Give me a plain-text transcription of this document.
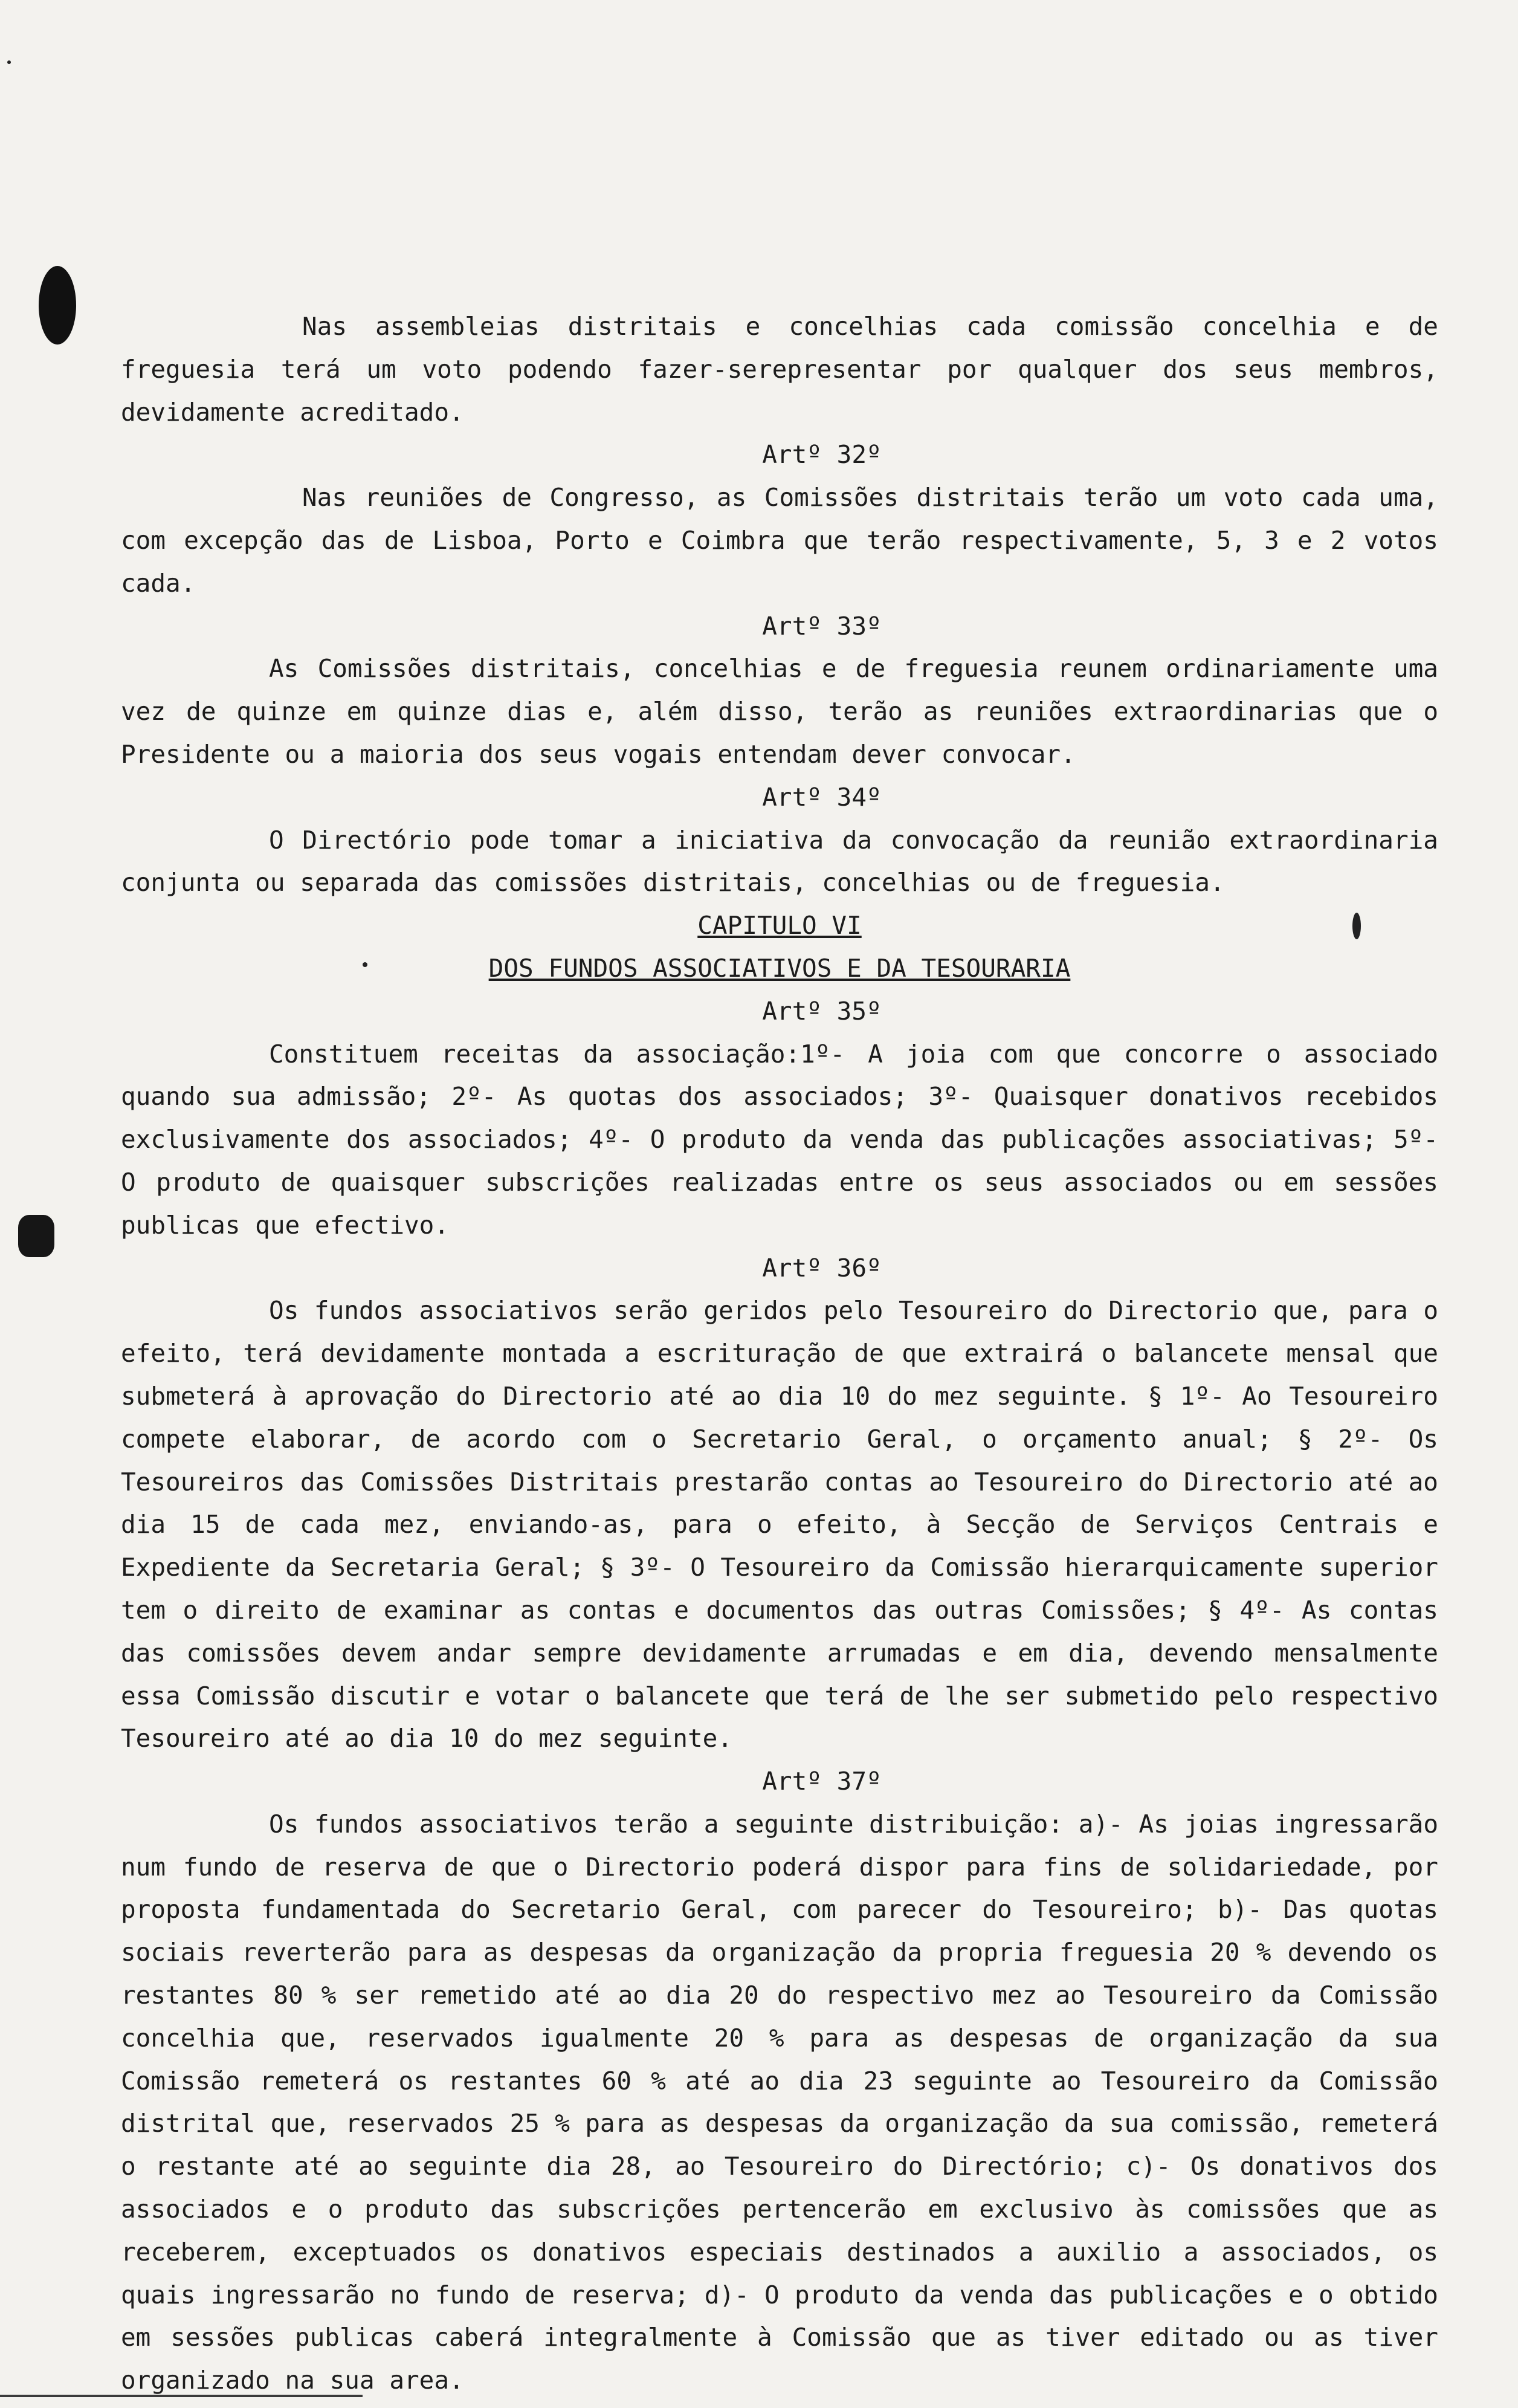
Nas assembleias distritais e concelhias cada comissão concelhia e de freguesia terá um voto podendo fazer-serepresentar por qualquer dos seus membros, devidamente acreditado.

Artº 32º

Nas reuniões de Congresso, as Comissões distritais terão um voto cada uma, com excepção das de Lisboa, Porto e Coimbra que terão respectivamente, 5, 3 e 2 votos cada.

Artº 33º

As Comissões distritais, concelhias e de freguesia reunem ordinariamente uma vez de quinze em quinze dias e, além disso, terão as reuniões extraordinarias que o Presidente ou a maioria dos seus vogais entendam dever convocar.

Artº 34º

O Directório pode tomar a iniciativa da convocação da reunião extraordinaria conjunta ou separada das comissões distritais, concelhias ou de freguesia.

CAPITULO VI

DOS FUNDOS ASSOCIATIVOS E DA TESOURARIA

Artº 35º

Constituem receitas da associação:1º- A joia com que concorre o associado quando sua admissão; 2º- As quotas dos associados; 3º- Quaisquer donativos recebidos exclusivamente dos associados; 4º- O produto da venda das publicações associativas; 5º- O produto de quaisquer subscrições realizadas entre os seus associados ou em sessões publicas que efectivo.

Artº 36º

Os fundos associativos serão geridos pelo Tesoureiro do Directorio que, para o efeito, terá devidamente montada a escrituração de que extrairá o balancete mensal que submeterá à aprovação do Directorio até ao dia 10 do mez seguinte. § 1º- Ao Tesoureiro compete elaborar, de acordo com o Secretario Geral, o orçamento anual; § 2º- Os Tesoureiros das Comissões Distritais prestarão contas ao Tesoureiro do Directorio até ao dia 15 de cada mez, enviando-as, para o efeito, à Secção de Serviços Centrais e Expediente da Secretaria Geral; § 3º- O Tesoureiro da Comissão hierarquicamente superior tem o direito de examinar as contas e documentos das outras Comissões; § 4º- As contas das comissões devem andar sempre devidamente arrumadas e em dia, devendo mensalmente essa Comissão discutir e votar o balancete que terá de lhe ser submetido pelo respectivo Tesoureiro até ao dia 10 do mez seguinte.

Artº 37º

Os fundos associativos terão a seguinte distribuição: a)- As joias ingressarão num fundo de reserva de que o Directorio poderá dispor para fins de solidariedade, por proposta fundamentada do Secretario Geral, com parecer do Tesoureiro; b)- Das quotas sociais reverterão para as despesas da organização da propria freguesia 20 % devendo os restantes 80 % ser remetido até ao dia 20 do respectivo mez ao Tesoureiro da Comissão concelhia que, reservados igualmente 20 % para as despesas de organização da sua Comissão remeterá os restantes 60 % até ao dia 23 seguinte ao Tesoureiro da Comissão distrital que, reservados 25 % para as despesas da organização da sua comissão, remeterá o restante até ao seguinte dia 28, ao Tesoureiro do Directório; c)- Os donativos dos associados e o produto das subscrições pertencerão em exclusivo às comissões que as receberem, exceptuados os donativos especiais destinados a auxilio a associados, os quais ingressarão no fundo de reserva; d)- O produto da venda das publicações e o obtido em sessões publicas caberá integralmente à Comissão que as tiver editado ou as tiver organizado na sua area.
